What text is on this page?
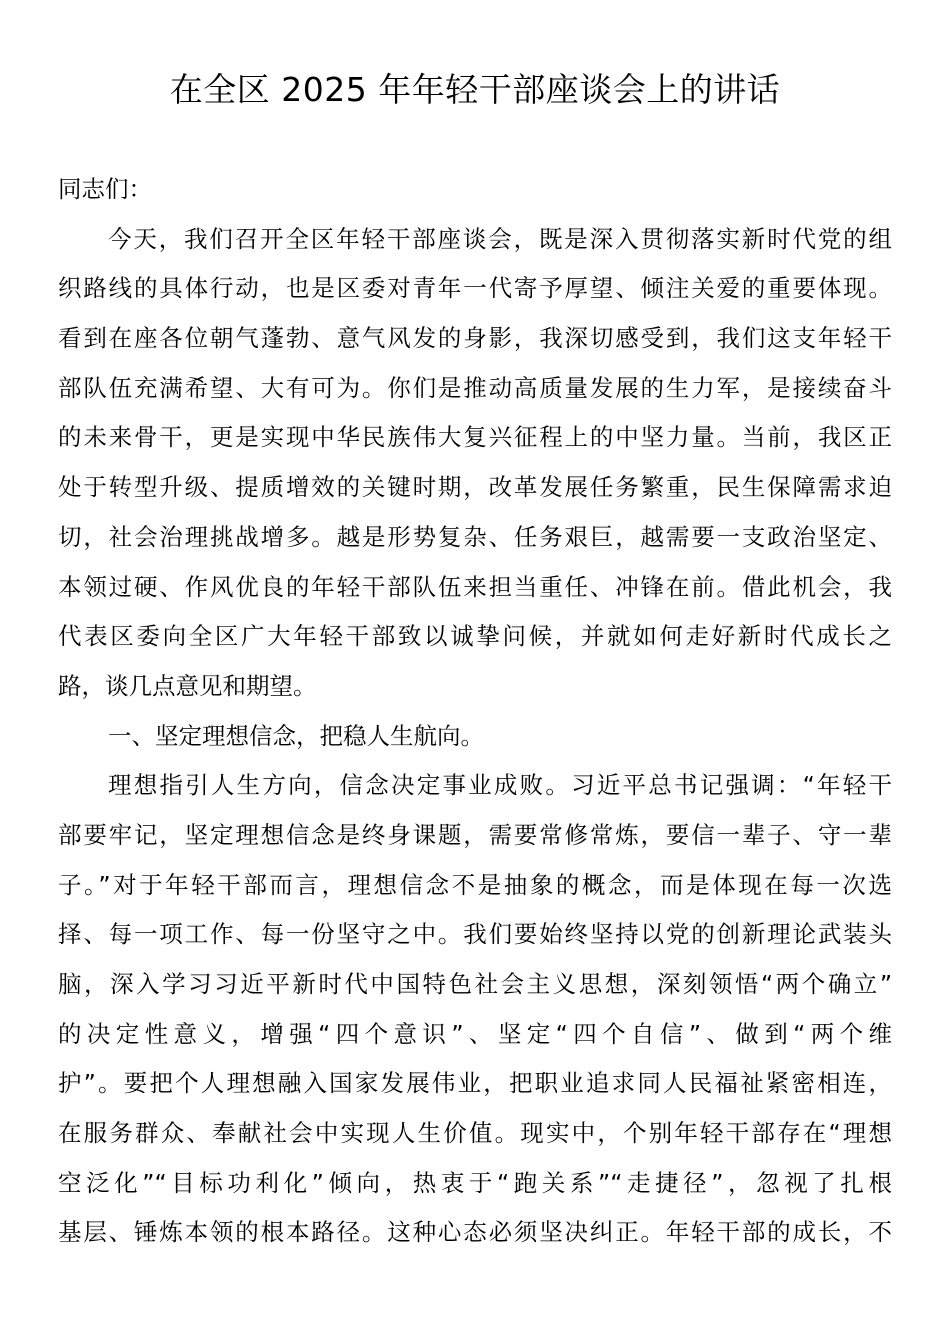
在全区 2025 年年轻干部座谈会上的讲话
同志们：
今天，我们召开全区年轻干部座谈会，既是深入贯彻落实新时代党的组
织路线的具体行动，也是区委对青年一代寄予厚望、倾注关爱的重要体现。
看到在座各位朝气蓬勃、意气风发的身影，我深切感受到，我们这支年轻干
部队伍充满希望、大有可为。你们是推动高质量发展的生力军，是接续奋斗
的未来骨干，更是实现中华民族伟大复兴征程上的中坚力量。当前，我区正
处于转型升级、提质增效的关键时期，改革发展任务繁重，民生保障需求迫
切，社会治理挑战增多。越是形势复杂、任务艰巨，越需要一支政治坚定、
本领过硬、作风优良的年轻干部队伍来担当重任、冲锋在前。借此机会，我
代表区委向全区广大年轻干部致以诚挚问候，并就如何走好新时代成长之
路，谈几点意见和期望。
一、坚定理想信念，把稳人生航向。
理想指引人生方向，信念决定事业成败。习近平总书记强调：“年轻干
部要牢记，坚定理想信念是终身课题，需要常修常炼，要信一辈子、守一辈
子。”对于年轻干部而言，理想信念不是抽象的概念，而是体现在每一次选
择、每一项工作、每一份坚守之中。我们要始终坚持以党的创新理论武装头
脑，深入学习习近平新时代中国特色社会主义思想，深刻领悟“两个确立”
的决定性意义，增强“四个意识”、坚定“四个自信”、做到“两个维
护”。要把个人理想融入国家发展伟业，把职业追求同人民福祉紧密相连，
在服务群众、奉献社会中实现人生价值。现实中，个别年轻干部存在“理想
空泛化”“目标功利化”倾向，热衷于“跑关系”“走捷径”，忽视了扎根
基层、锤炼本领的根本路径。这种心态必须坚决纠正。年轻干部的成长，不
